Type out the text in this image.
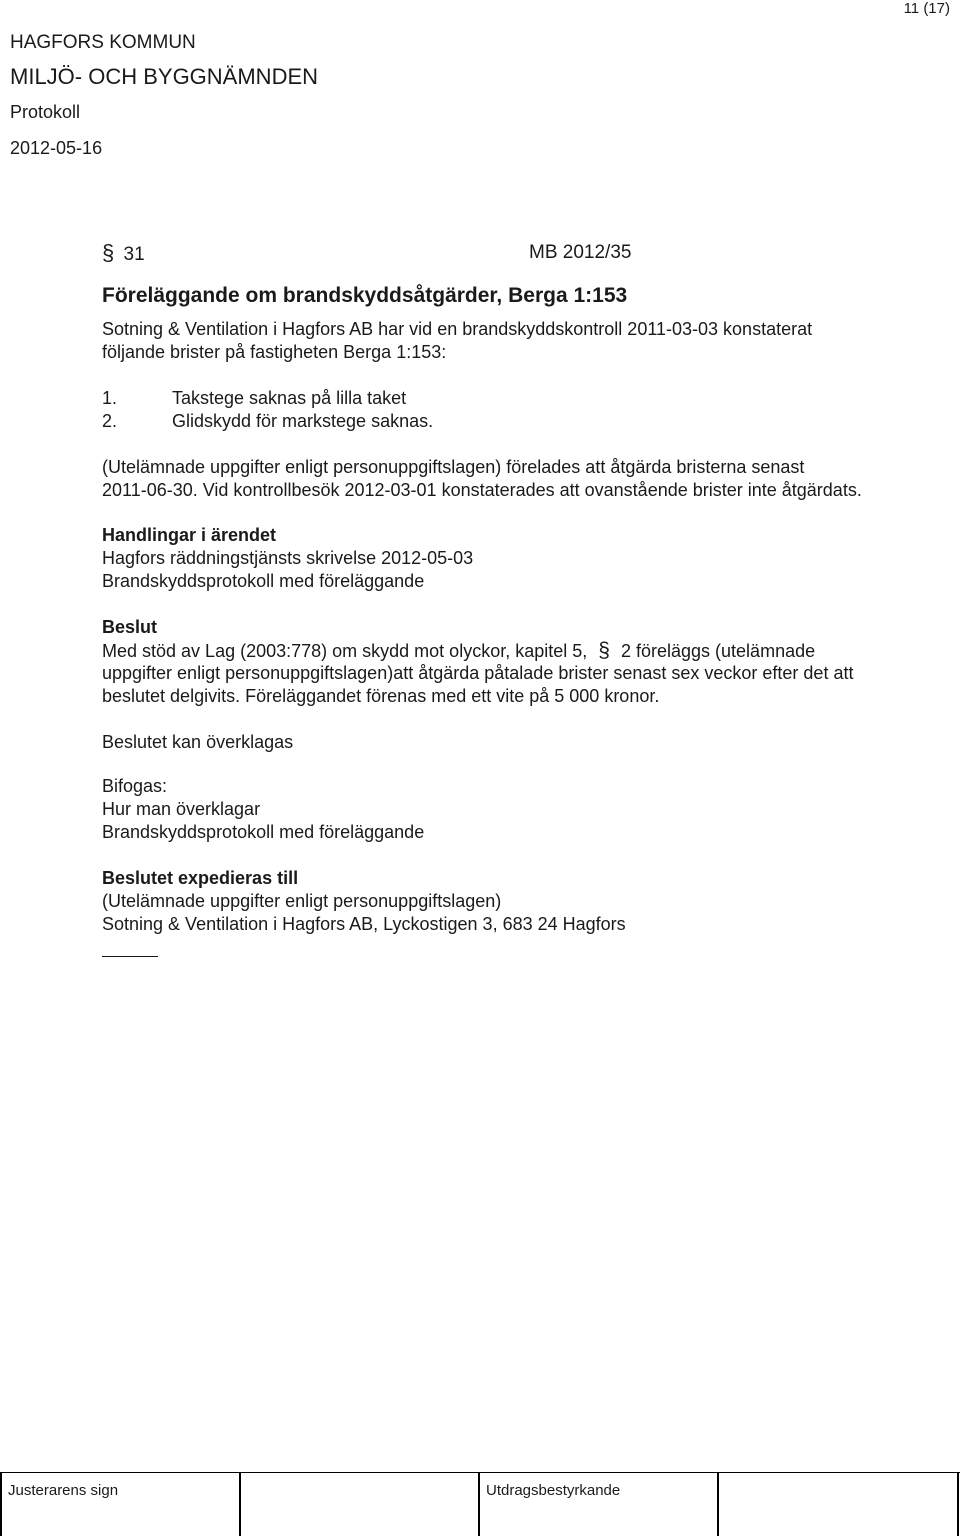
11 (17)
HAGFORS KOMMUN
MILJÖ- OCH BYGGNÄMNDEN
Protokoll
2012-05-16
§ 31	MB 2012/35
Föreläggande om brandskyddsåtgärder, Berga 1:153
Sotning & Ventilation i Hagfors AB har vid en brandskyddskontroll 2011-03-03 konstaterat
följande brister på fastigheten Berga 1:153:
1.	Takstege saknas på lilla taket
2.	Glidskydd för markstege saknas.
(Utelämnade uppgifter enligt personuppgiftslagen) förelades att åtgärda bristerna senast
2011-06-30. Vid kontrollbesök 2012-03-01 konstaterades att ovanstående brister inte åtgärdats.
Handlingar i ärendet
Hagfors räddningstjänsts skrivelse 2012-05-03
Brandskyddsprotokoll med föreläggande
Beslut
Med stöd av Lag (2003:778) om skydd mot olyckor, kapitel 5, § 2 föreläggs (utelämnade
uppgifter enligt personuppgiftslagen)att åtgärda påtalade brister senast sex veckor efter det att
beslutet delgivits. Föreläggandet förenas med ett vite på 5 000 kronor.
Beslutet kan överklagas
Bifogas:
Hur man överklagar
Brandskyddsprotokoll med föreläggande
Beslutet expedieras till
(Utelämnade uppgifter enligt personuppgiftslagen)
Sotning & Ventilation i Hagfors AB, Lyckostigen 3, 683 24 Hagfors
Justerarens sign	Utdragsbestyrkande
